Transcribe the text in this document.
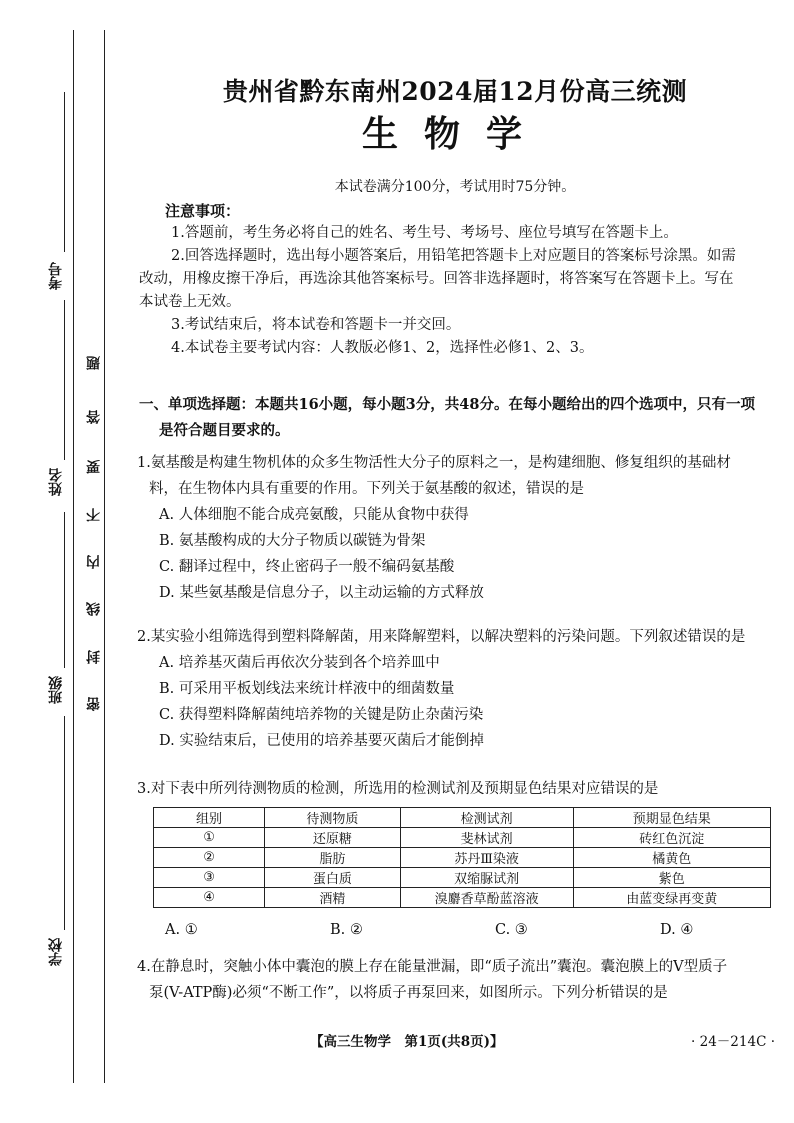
考号
姓名
班级
学校
题
答
要
不
内
线
封
密
贵州省黔东南州2024届12月份高三统测
生物学
本试卷满分100分，考试用时75分钟。
注意事项：

1.答题前，考生务必将自己的姓名、考生号、考场号、座位号填写在答题卡上。

2.回答选择题时，选出每小题答案后，用铅笔把答题卡上对应题目的答案标号涂黑。如需改动，用橡皮擦干净后，再选涂其他答案标号。回答非选择题时，将答案写在答题卡上。写在本试卷上无效。

3.考试结束后，将本试卷和答题卡一并交回。

4.本试卷主要考试内容：人教版必修1、2，选择性必修1、2、3。

一、单项选择题：本题共16小题，每小题3分，共48分。在每小题给出的四个选项中，只有一项
是符合题目要求的。

1.氨基酸是构建生物机体的众多生物活性大分子的原料之一，是构建细胞、修复组织的基础材

料，在生物体内具有重要的作用。下列关于氨基酸的叙述，错误的是

A. 人体细胞不能合成亮氨酸，只能从食物中获得

B. 氨基酸构成的大分子物质以碳链为骨架

C. 翻译过程中，终止密码子一般不编码氨基酸

D. 某些氨基酸是信息分子，以主动运输的方式释放

2.某实验小组筛选得到塑料降解菌，用来降解塑料，以解决塑料的污染问题。下列叙述错误的是

A. 培养基灭菌后再依次分装到各个培养皿中

B. 可采用平板划线法来统计样液中的细菌数量

C. 获得塑料降解菌纯培养物的关键是防止杂菌污染

D. 实验结束后，已使用的培养基要灭菌后才能倒掉

3.对下表中所列待测物质的检测，所选用的检测试剂及预期显色结果对应错误的是

组别	待测物质	检测试剂	预期显色结果
①	还原糖	斐林试剂	砖红色沉淀
②	脂肪	苏丹Ⅲ染液	橘黄色
③	蛋白质	双缩脲试剂	紫色
④	酒精	溴麝香草酚蓝溶液	由蓝变绿再变黄
A. ①	B. ②	C. ③	D. ④

4.在静息时，突触小体中囊泡的膜上存在能量泄漏，即“质子流出”囊泡。囊泡膜上的V型质子

泵(V-ATP酶)必须“不断工作”，以将质子再泵回来，如图所示。下列分析错误的是

【高三生物学　第1页(共8页)】	· 24－214C ·
